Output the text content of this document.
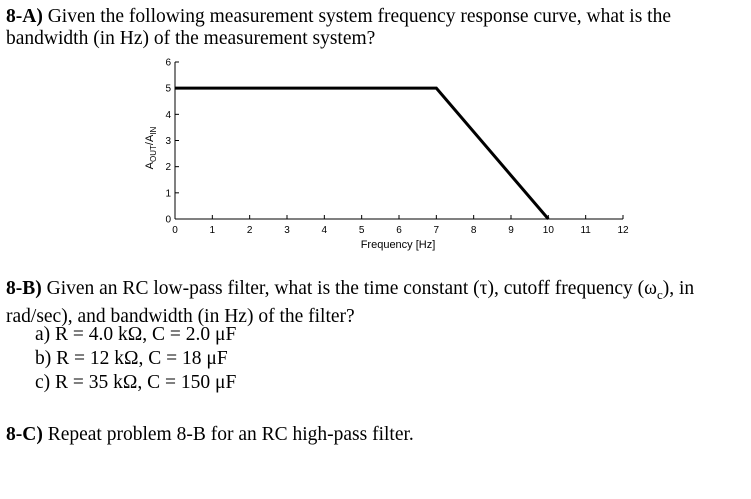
8-A) Given the following measurement system frequency response curve, what is the
bandwidth (in Hz) of the measurement system?
0	1	2	3	4	5	6	7	8	9	10	11	12
0
1
2
3
4
5
6
Frequency [Hz]
$A_{OUT}/A_{IN}$
8-B) Given an RC low-pass filter, what is the time constant (τ), cutoff frequency $(\omega_c)$, in
rad/sec), and bandwidth (in Hz) of the filter?
a) R = 4.0 kΩ, C = 2.0 μF
b) R = 12 kΩ, C = 18 μF
c) R = 35 kΩ, C = 150 μF
8-C) Repeat problem 8-B for an RC high-pass filter.
